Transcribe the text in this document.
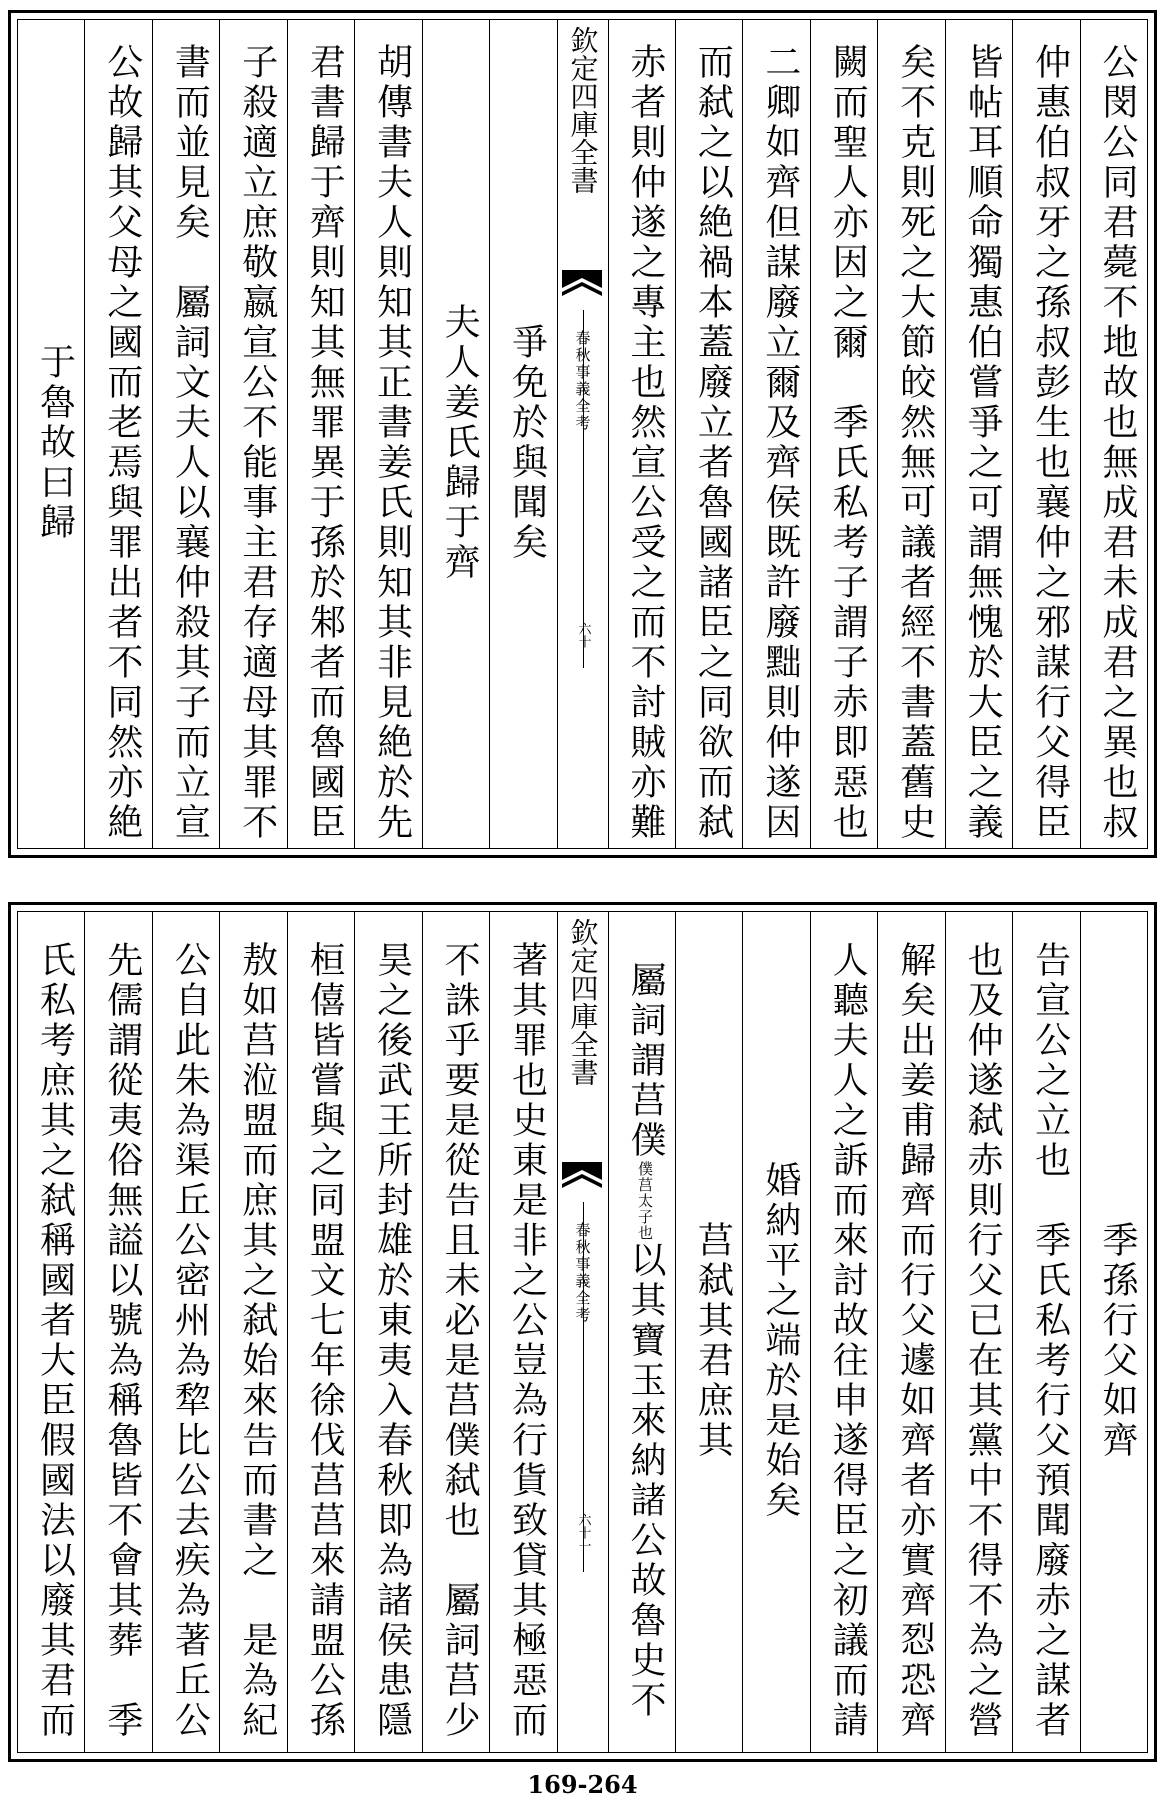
公閔公同君薨不地故也無成君未成君之異也叔
仲惠伯叔牙之孫叔彭生也襄仲之邪謀行父得臣
皆帖耳順命獨惠伯嘗爭之可謂無愧於大臣之義
矣不克則死之大節皎然無可議者經不書蓋舊史
闕而聖人亦因之爾　季氏私考子謂子赤即惡也
二卿如齊但謀廢立爾及齊侯既許廢黜則仲遂因
而弑之以絶禍本蓋廢立者魯國諸臣之同欲而弑
赤者則仲遂之專主也然宣公受之而不討賊亦難
欽定四庫全書
春秋事義全考
六十
爭免於與聞矣
夫人姜氏歸于齊
胡傳書夫人則知其正書姜氏則知其非見絶於先
君書歸于齊則知其無罪異于孫於邾者而魯國臣
子殺適立庶敬嬴宣公不能事主君存適母其罪不
書而並見矣　屬詞文夫人以襄仲殺其子而立宣
公故歸其父母之國而老焉與罪出者不同然亦絶
于魯故曰歸
季孫行父如齊
告宣公之立也　季氏私考行父預聞廢赤之謀者
也及仲遂弑赤則行父已在其黨中不得不為之營
解矣出姜甫歸齊而行父遽如齊者亦實齊㤠恐齊
人聽夫人之訴而來討故往申遂得臣之初議而請
婚納平之端於是始矣
莒弑其君庶其
屬詞謂莒僕僕莒太子也以其寶玉來納諸公故魯史不
欽定四庫全書
春秋事義全考
六十一
著其罪也史東是非之公豈為行貨致貸其極惡而
不誅乎要是從告且未必是莒僕弑也　屬詞莒少
昊之後武王所封雄於東夷入春秋即為諸侯患隱
桓僖皆嘗與之同盟文七年徐伐莒莒來請盟公孫
敖如莒涖盟而庶其之弑始來告而書之　是為紀
公自此朱為渠丘公密州為犂比公去疾為著丘公
先儒謂從夷俗無謚以號為稱魯皆不會其葬　季
氏私考庶其之弑稱國者大臣假國法以廢其君而
169-264
